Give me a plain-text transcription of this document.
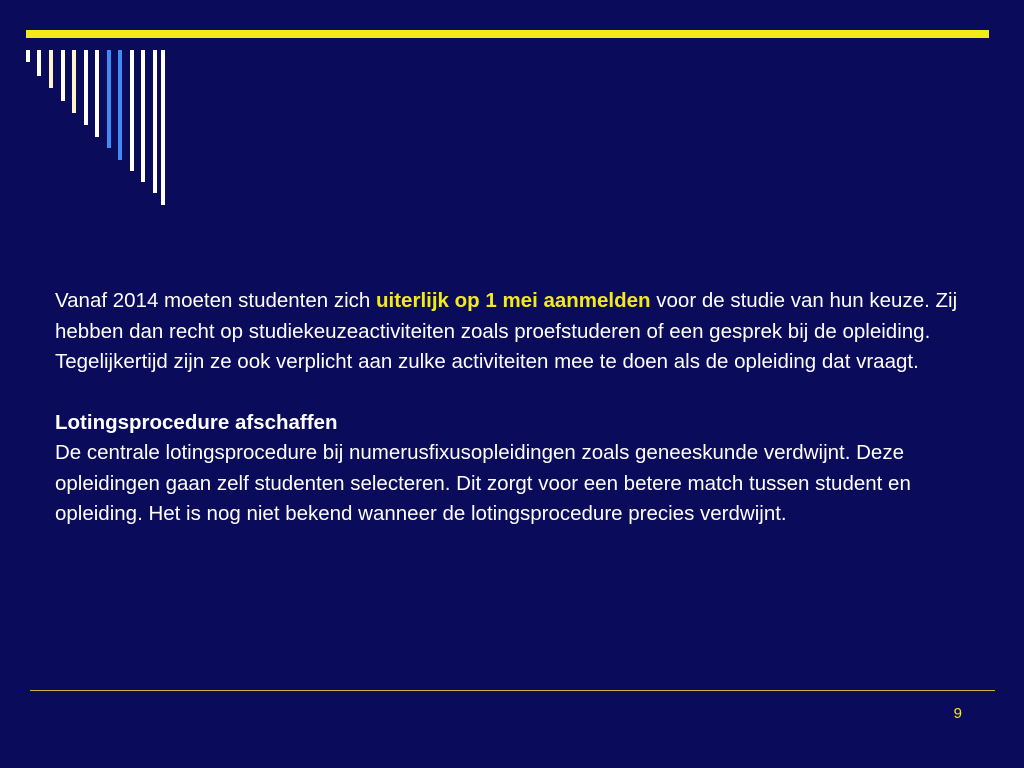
Vanaf 2014 moeten studenten zich uiterlijk op 1 mei aanmelden voor de studie van hun keuze. Zij hebben dan recht op studiekeuzeactiviteiten zoals proefstuderen of een gesprek bij de opleiding. Tegelijkertijd zijn ze ook verplicht aan zulke activiteiten mee te doen als de opleiding dat vraagt.

Lotingsprocedure afschaffen

De centrale lotingsprocedure bij numerusfixusopleidingen zoals geneeskunde verdwijnt. Deze opleidingen gaan zelf studenten selecteren. Dit zorgt voor een betere match tussen student en opleiding. Het is nog niet bekend wanneer de lotingsprocedure precies verdwijnt.

9
